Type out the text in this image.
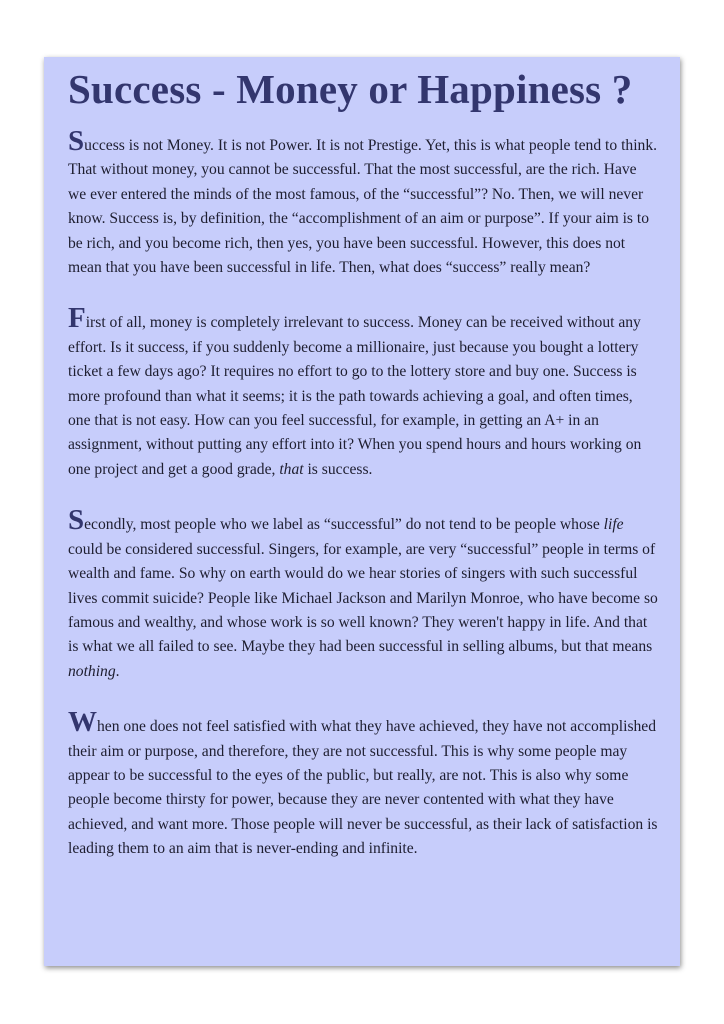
Success - Money or Happiness ?

Success is not Money. It is not Power. It is not Prestige. Yet, this is what people tend to think. That without money, you cannot be successful. That the most successful, are the rich. Have we ever entered the minds of the most famous, of the “successful”? No. Then, we will never know. Success is, by definition, the “accomplishment of an aim or purpose”. If your aim is to be rich, and you become rich, then yes, you have been successful. However, this does not mean that you have been successful in life. Then, what does “success” really mean?

First of all, money is completely irrelevant to success. Money can be received without any effort. Is it success, if you suddenly become a millionaire, just because you bought a lottery ticket a few days ago? It requires no effort to go to the lottery store and buy one. Success is more profound than what it seems; it is the path towards achieving a goal, and often times, one that is not easy. How can you feel successful, for example, in getting an A+ in an assignment, without putting any effort into it? When you spend hours and hours working on one project and get a good grade, that is success.

Secondly, most people who we label as “successful” do not tend to be people whose life could be considered successful. Singers, for example, are very “successful” people in terms of wealth and fame. So why on earth would do we hear stories of singers with such successful lives commit suicide? People like Michael Jackson and Marilyn Monroe, who have become so famous and wealthy, and whose work is so well known? They weren't happy in life. And that is what we all failed to see. Maybe they had been successful in selling albums, but that means nothing.

When one does not feel satisfied with what they have achieved, they have not accomplished their aim or purpose, and therefore, they are not successful. This is why some people may appear to be successful to the eyes of the public, but really, are not. This is also why some people become thirsty for power, because they are never contented with what they have achieved, and want more. Those people will never be successful, as their lack of satisfaction is leading them to an aim that is never-ending and infinite.
